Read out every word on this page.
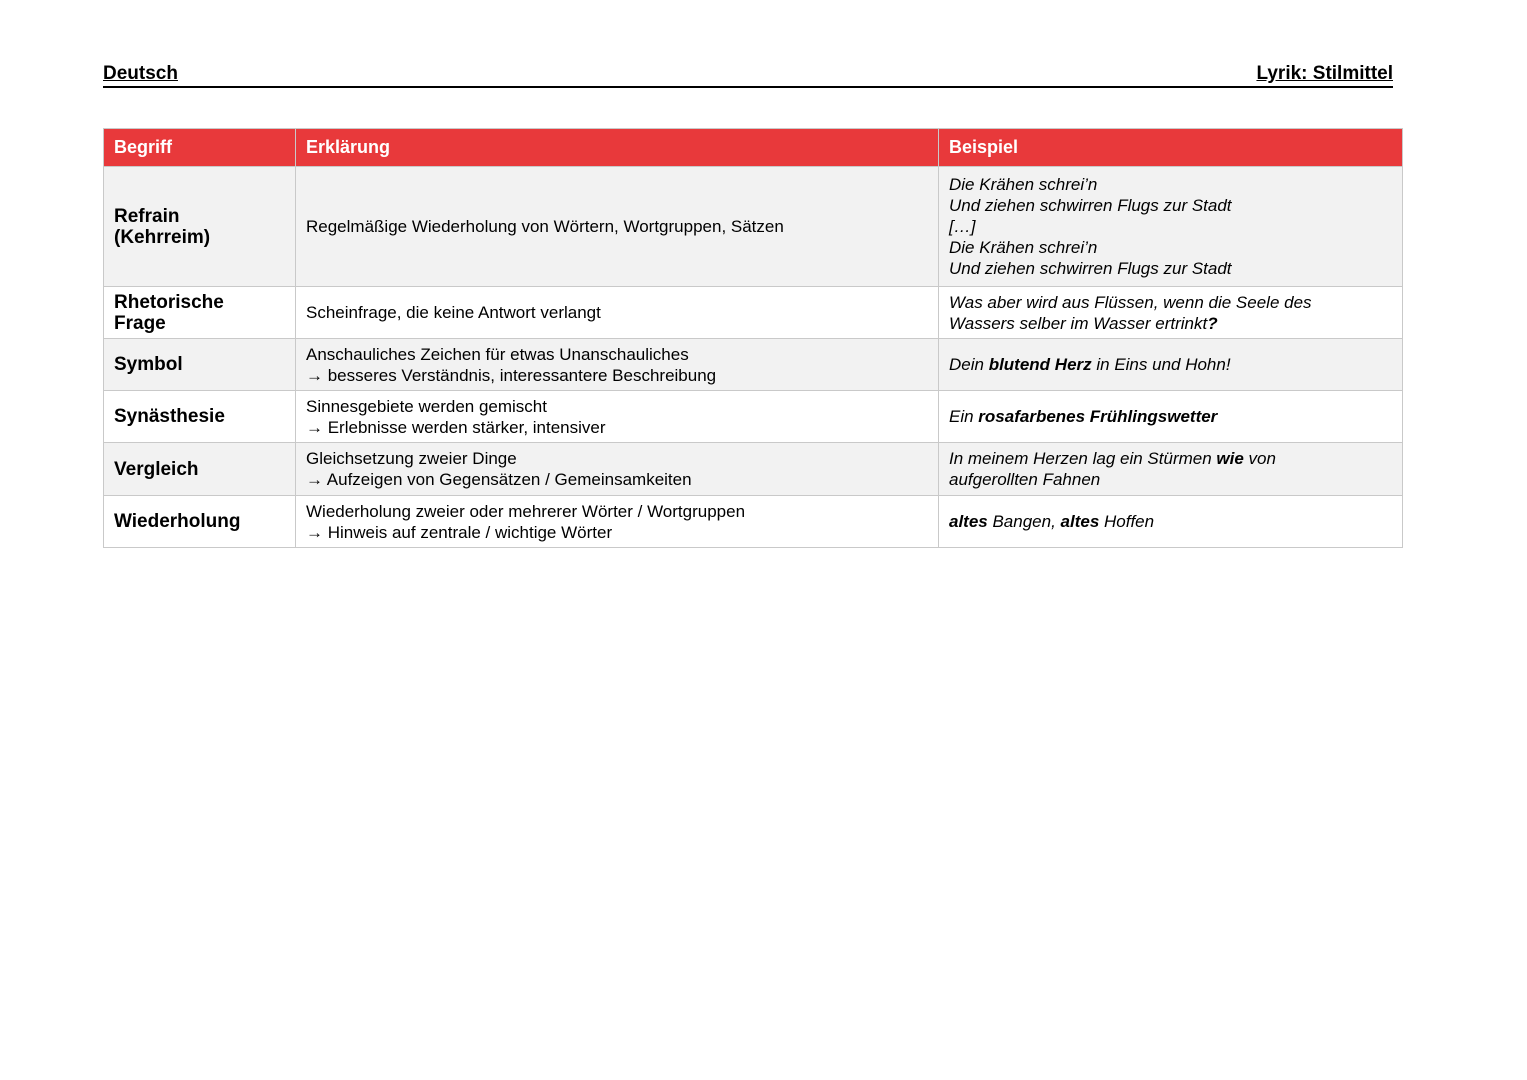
Deutsch	Lyrik: Stilmittel
Begriff	Erklärung	Beispiel

Refrain
(Kehrreim)	Regelmäßige Wiederholung von Wörtern, Wortgruppen, Sätzen	Die Krähen schrei’n
Und ziehen schwirren Flugs zur Stadt
[…]
Die Krähen schrei’n
Und ziehen schwirren Flugs zur Stadt

Rhetorische
Frage	Scheinfrage, die keine Antwort verlangt	Was aber wird aus Flüssen, wenn die Seele des
Wassers selber im Wasser ertrinkt?

Symbol	Anschauliches Zeichen für etwas Unanschauliches
→ besseres Verständnis, interessantere Beschreibung	Dein blutend Herz in Eins und Hohn!

Synästhesie	Sinnesgebiete werden gemischt
→ Erlebnisse werden stärker, intensiver	Ein rosafarbenes Frühlingswetter

Vergleich	Gleichsetzung zweier Dinge
→ Aufzeigen von Gegensätzen / Gemeinsamkeiten	In meinem Herzen lag ein Stürmen wie von
aufgerollten Fahnen

Wiederholung	Wiederholung zweier oder mehrerer Wörter / Wortgruppen
→ Hinweis auf zentrale / wichtige Wörter	altes Bangen, altes Hoffen
